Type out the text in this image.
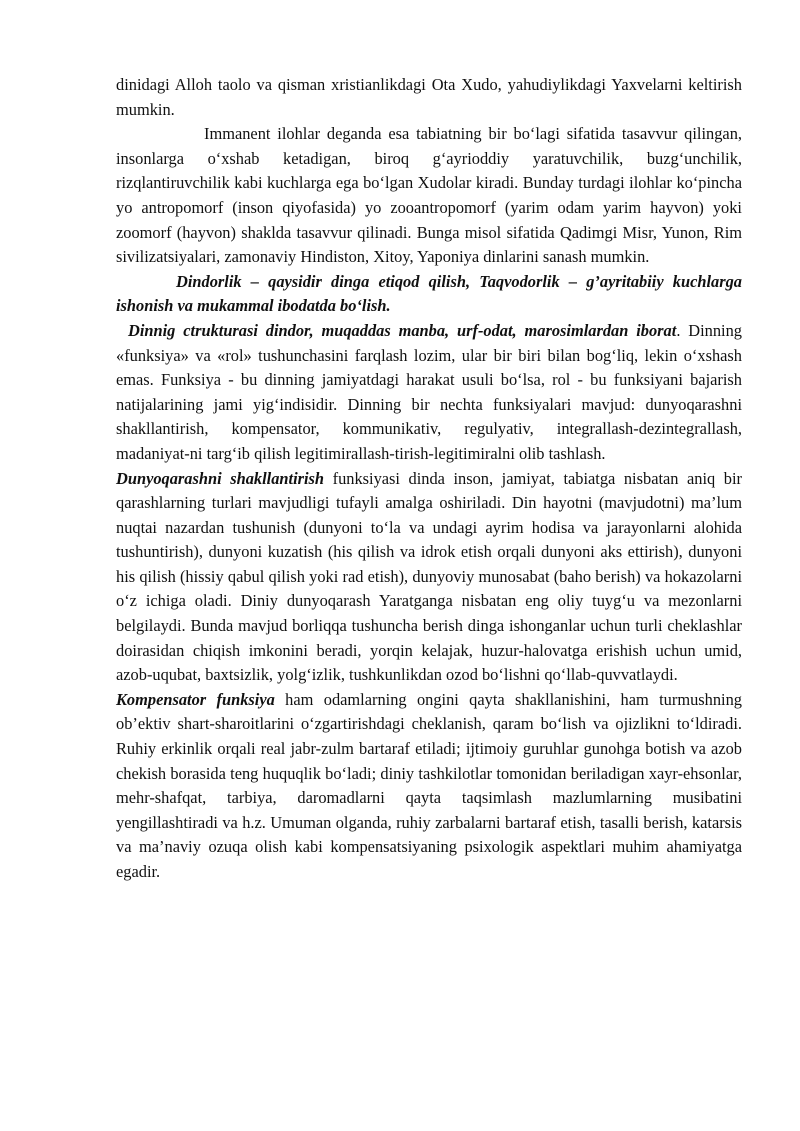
dinidagi Alloh taolo va qisman xristianlikdagi Ota Xudo, yahudiylikdagi Yaxvelarni keltirish mumkin.

Immanent ilohlar deganda esa tabiatning bir bo‘lagi sifatida tasavvur qilingan, insonlarga o‘xshab ketadigan, biroq g‘ayrioddiy yaratuvchilik, buzg‘unchilik, rizqlantiruvchilik kabi kuchlarga ega bo‘lgan Xudolar kiradi. Bunday turdagi ilohlar ko‘pincha yo antropomorf (inson qiyofasida) yo zooantropomorf (yarim odam yarim hayvon) yoki zoomorf (hayvon) shaklda tasavvur qilinadi. Bunga misol sifatida Qadimgi Misr, Yunon, Rim sivilizatsiyalari, zamonaviy Hindiston, Xitoy, Yaponiya dinlarini sanash mumkin.

Dindorlik – qaysidir dinga etiqod qilish, Taqvodorlik – g’ayritabiiy kuchlarga ishonish va mukammal ibodatda bo‘lish.

Dinnig ctrukturasi dindor, muqaddas manba, urf-odat, marosimlardan iborat. Dinning «funksiya» va «rol» tushunchasini farqlash lozim, ular bir biri bilan bog‘liq, lekin o‘xshash emas. Funksiya - bu dinning jamiyatdagi harakat usuli bo‘lsa, rol - bu funksiyani bajarish natijalarining jami yig‘indisidir. Dinning bir nechta funksiyalari mavjud: dunyoqarashni shakllantirish, kompensator, kommunikativ, regulyativ, integrallash-dezintegrallash, madaniyat-ni targ‘ib qilish legitimirallash-tirish-legitimiralni olib tashlash.

Dunyoqarashni shakllantirish funksiyasi dinda inson, jamiyat, tabiatga nisbatan aniq bir qarashlarning turlari mavjudligi tufayli amalga oshiriladi. Din hayotni (mavjudotni) ma’lum nuqtai nazardan tushunish (dunyoni to‘la va undagi ayrim hodisa va jarayonlarni alohida tushuntirish), dunyoni kuzatish (his qilish va idrok etish orqali dunyoni aks ettirish), dunyoni his qilish (hissiy qabul qilish yoki rad etish), dunyoviy munosabat (baho berish) va hokazolarni o‘z ichiga oladi. Diniy dunyoqarash Yaratganga nisbatan eng oliy tuyg‘u va mezonlarni belgilaydi. Bunda mavjud borliqqa tushuncha berish dinga ishonganlar uchun turli cheklashlar doirasidan chiqish imkonini beradi, yorqin kelajak, huzur-halovatga erishish uchun umid, azob-uqubat, baxtsizlik, yolg‘izlik, tushkunlikdan ozod bo‘lishni qo‘llab-quvvatlaydi.

Kompensator funksiya ham odamlarning ongini qayta shakllanishini, ham turmushning ob’ektiv shart-sharoitlarini o‘zgartirishdagi cheklanish, qaram bo‘lish va ojizlikni to‘ldiradi. Ruhiy erkinlik orqali real jabr-zulm bartaraf etiladi; ijtimoiy guruhlar gunohga botish va azob chekish borasida teng huquqlik bo‘ladi; diniy tashkilotlar tomonidan beriladigan xayr-ehsonlar, mehr-shafqat, tarbiya, daromadlarni qayta taqsimlash mazlumlarning musibatini yengillashtiradi va h.z. Umuman olganda, ruhiy zarbalarni bartaraf etish, tasalli berish, katarsis va ma’naviy ozuqa olish kabi kompensatsiyaning psixologik aspektlari muhim ahamiyatga egadir.
